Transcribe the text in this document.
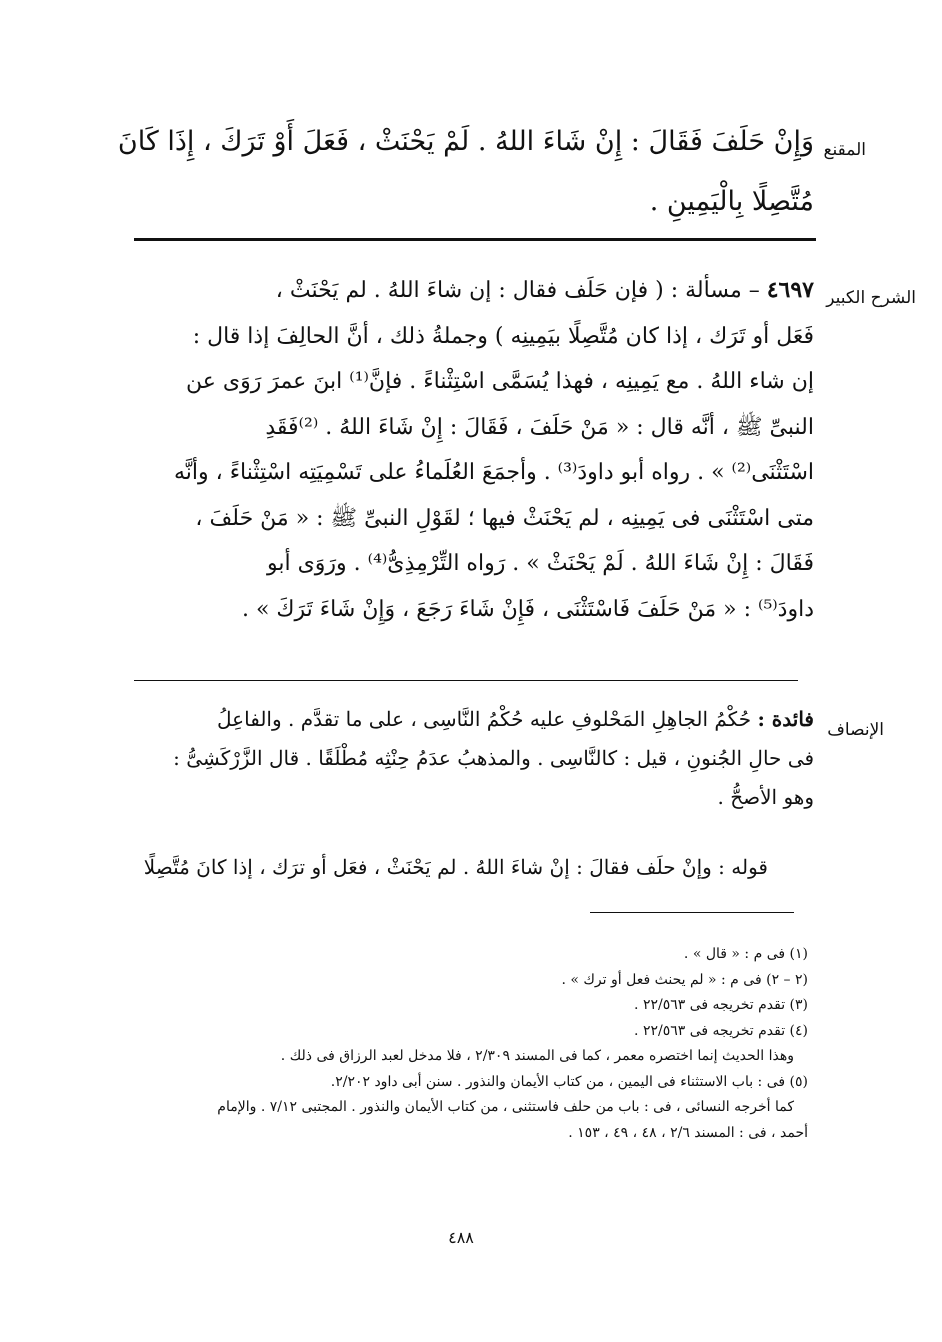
المقنع
وَإِنْ حَلَفَ فَقَالَ : إِنْ شَاءَ اللهُ . لَمْ يَحْنَثْ ، فَعَلَ أَوْ تَرَكَ ، إِذَا كَانَ
مُتَّصِلًا بِالْيَمِينِ .
الشرح الكبير
٤٦٩٧ – مسألة : ( فإن حَلَف فقال : إن شاءَ اللهُ . لم يَحْنَثْ ،
فَعَل أو تَرَك ، إذا كان مُتَّصِلًا بيَمِينِه ) وجملةُ ذلك ، أنَّ الحالِفَ إذا قال :
إن شاء اللهُ . مع يَمِينِه ، فهذا يُسَمَّى اسْتِثْناءً . فإنَّ⁽¹⁾ ابنَ عمرَ رَوَى عن
النبىِّ ﷺ ، أنَّه قال : « مَنْ حَلَفَ ، فَقَالَ : إِنْ شَاءَ اللهُ . ⁽²⁾فَقَدِ
اسْتَثْنَى⁽²⁾ » . رواه أبو داودَ⁽³⁾ . وأجمَعَ العُلَماءُ على تَسْمِيَتِه اسْتِثْناءً ، وأنَّه
متى اسْتَثْنَى فى يَمِينِه ، لم يَحْنَثْ فيها ؛ لقَوْلِ النبىِّ ﷺ : « مَنْ حَلَفَ ،
فَقَالَ : إِنْ شَاءَ اللهُ . لَمْ يَحْنَثْ » . رَواه التِّرْمِذِىُّ⁽⁴⁾ . ورَوَى أبو
داودَ⁽⁵⁾ : « مَنْ حَلَفَ فَاسْتَثْنَى ، فَإِنْ شَاءَ رَجَعَ ، وَإِنْ شَاءَ تَرَكَ » .
الإنصاف
فائدة : حُكْمُ الجاهِلِ المَحْلوفِ عليه حُكْمُ النَّاسِى ، على ما تقدَّم . والفاعِلُ
فى حالِ الجُنونِ ، قيل : كالنَّاسِى . والمذهبُ عدَمُ حِنْثِه مُطْلَقًا . قال الزَّرْكَشِىُّ :
وهو الأصحُّ .
قوله : وإنْ حلَف فقالَ : إنْ شاءَ اللهُ . لم يَحْنَثْ ، فعَل أو ترَك ، إذا كانَ مُتَّصِلًا
(١) فى م : « قال » .
(٢ – ٢) فى م : « لم يحنث فعل أو ترك » .
(٣) تقدم تخريجه فى ٢٢/٥٦٣ .
(٤) تقدم تخريجه فى ٢٢/٥٦٣ .
وهذا الحديث إنما اختصره معمر ، كما فى المسند ٢/٣٠٩ ، فلا مدخل لعبد الرزاق فى ذلك .
(٥) فى : باب الاستثناء فى اليمين ، من كتاب الأيمان والنذور . سنن أبى داود ٢/٢٠٢.
كما أخرجه النسائى ، فى : باب من حلف فاستثنى ، من كتاب الأيمان والنذور . المجتبى ٧/١٢ . والإمام
أحمد ، فى : المسند ٢/٦ ، ٤٨ ، ٤٩ ، ١٥٣ .
٤٨٨
